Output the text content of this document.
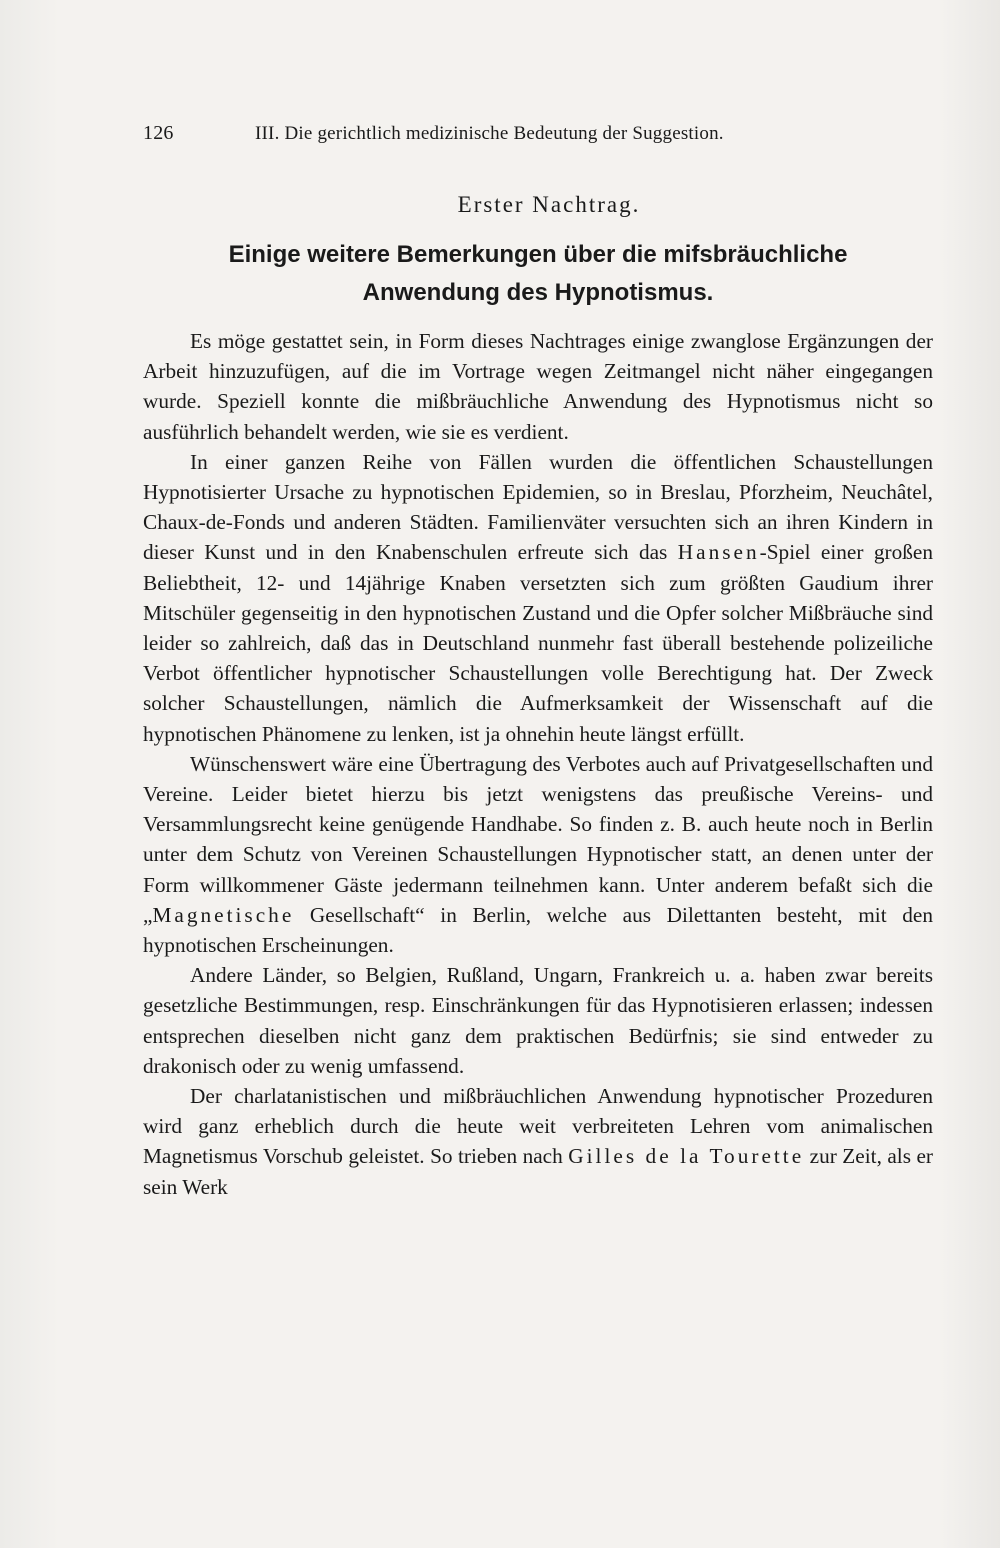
126	III. Die gerichtlich medizinische Bedeutung der Suggestion.
Erster Nachtrag.
Einige weitere Bemerkungen über die mifsbräuchliche
Anwendung des Hypnotismus.

Es möge gestattet sein, in Form dieses Nachtrages einige zwanglose Ergänzungen der Arbeit hinzuzufügen, auf die im Vortrage wegen Zeitmangel nicht näher eingegangen wurde. Speziell konnte die mißbräuchliche Anwendung des Hypnotismus nicht so ausführlich behandelt werden, wie sie es verdient.

In einer ganzen Reihe von Fällen wurden die öffentlichen Schaustellungen Hypnotisierter Ursache zu hypnotischen Epidemien, so in Breslau, Pforzheim, Neuchâtel, Chaux-de-Fonds und anderen Städten. Familienväter versuchten sich an ihren Kindern in dieser Kunst und in den Knabenschulen erfreute sich das Hansen-Spiel einer großen Beliebtheit, 12- und 14jährige Knaben versetzten sich zum größten Gaudium ihrer Mitschüler gegenseitig in den hypnotischen Zustand und die Opfer solcher Mißbräuche sind leider so zahlreich, daß das in Deutschland nunmehr fast überall bestehende polizeiliche Verbot öffentlicher hypnotischer Schaustellungen volle Berechtigung hat. Der Zweck solcher Schaustellungen, nämlich die Aufmerksamkeit der Wissenschaft auf die hypnotischen Phänomene zu lenken, ist ja ohnehin heute längst erfüllt.

Wünschenswert wäre eine Übertragung des Verbotes auch auf Privatgesellschaften und Vereine. Leider bietet hierzu bis jetzt wenigstens das preußische Vereins- und Versammlungsrecht keine genügende Handhabe. So finden z. B. auch heute noch in Berlin unter dem Schutz von Vereinen Schaustellungen Hypnotischer statt, an denen unter der Form willkommener Gäste jedermann teilnehmen kann. Unter anderem befaßt sich die „Magnetische Gesellschaft“ in Berlin, welche aus Dilettanten besteht, mit den hypnotischen Erscheinungen.

Andere Länder, so Belgien, Rußland, Ungarn, Frankreich u. a. haben zwar bereits gesetzliche Bestimmungen, resp. Einschränkungen für das Hypnotisieren erlassen; indessen entsprechen dieselben nicht ganz dem praktischen Bedürfnis; sie sind entweder zu drakonisch oder zu wenig umfassend.

Der charlatanistischen und mißbräuchlichen Anwendung hypnotischer Prozeduren wird ganz erheblich durch die heute weit verbreiteten Lehren vom animalischen Magnetismus Vorschub geleistet. So trieben nach Gilles de la Tourette zur Zeit, als er sein Werk
